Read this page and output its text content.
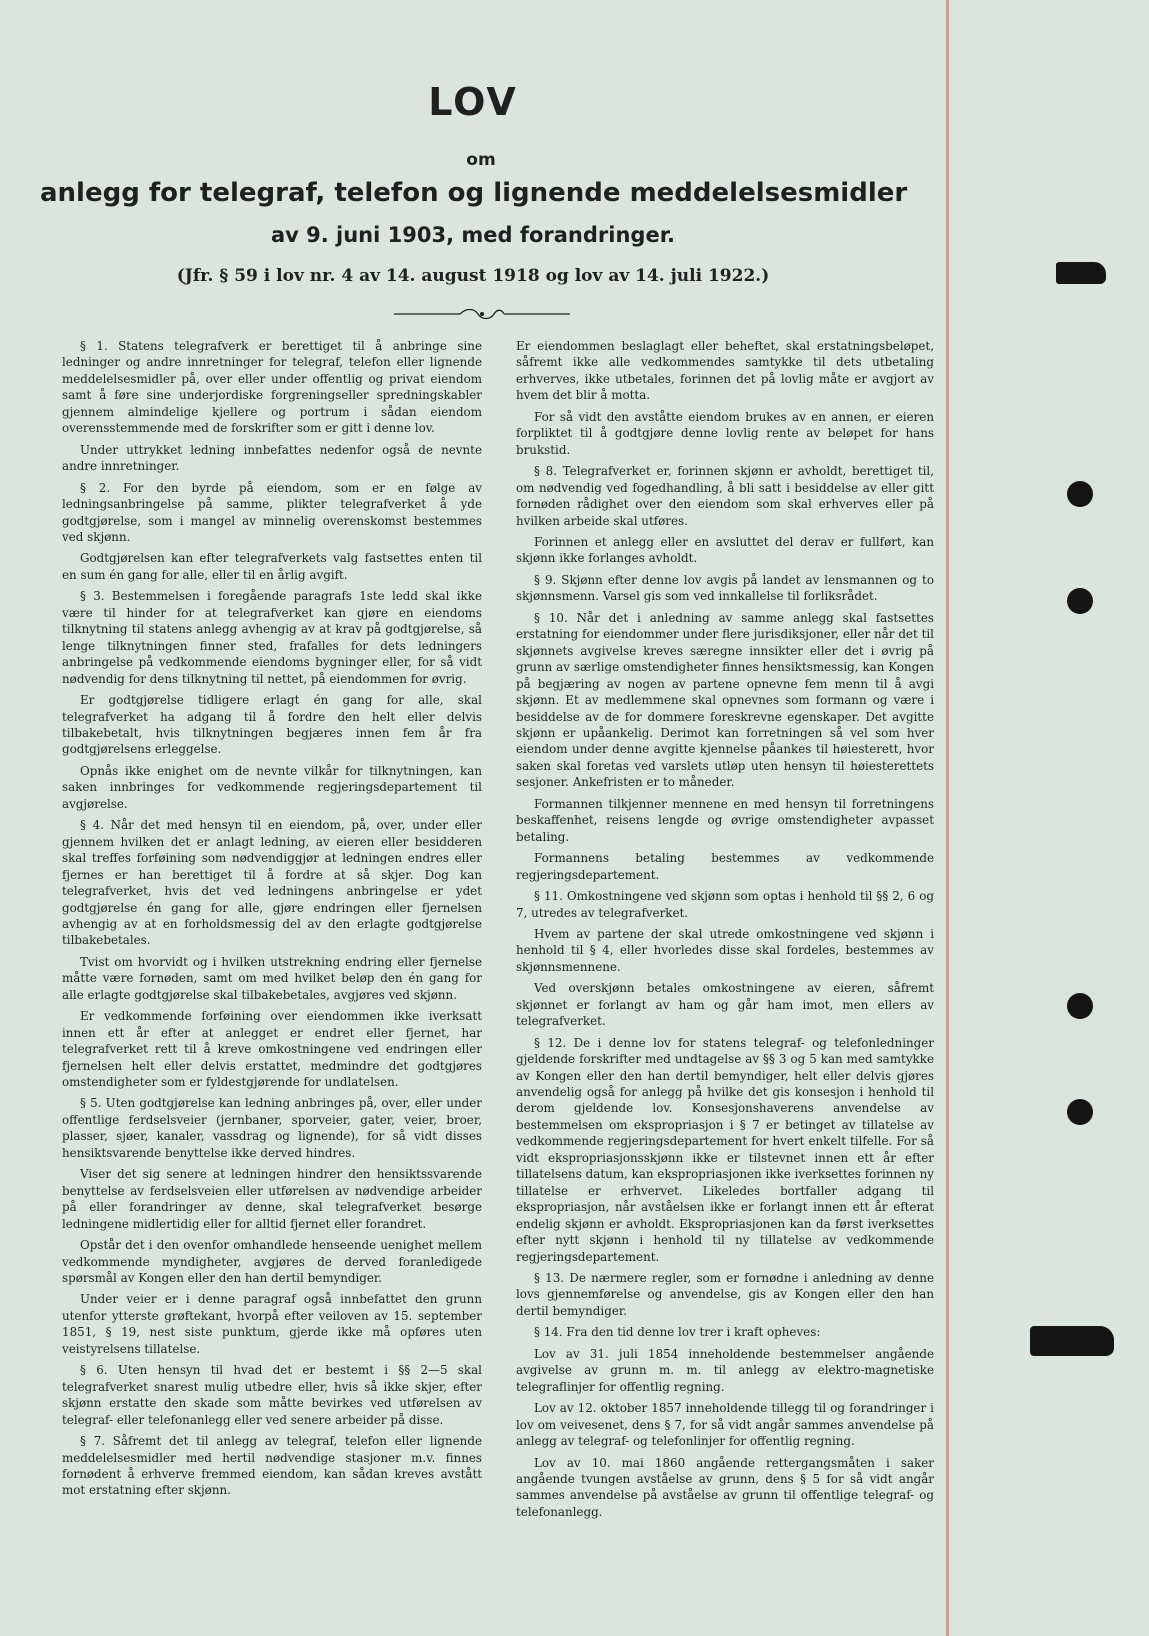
LOV

om

anlegg for telegraf, telefon og lignende meddelelsesmidler

av 9. juni 1903, med forandringer.

(Jfr. § 59 i lov nr. 4 av 14. august 1918 og lov av 14. juli 1922.)

§ 1. Statens telegrafverk er berettiget til å anbringe sine ledninger og andre innretninger for telegraf, telefon eller lignende meddelelsesmidler på, over eller under offentlig og privat eiendom samt å føre sine underjordiske forgreningseller spredningskabler gjennem almindelige kjellere og portrum i sådan eiendom overensstemmende med de forskrifter som er gitt i denne lov.

Under uttrykket ledning innbefattes nedenfor også de nevnte andre innretninger.

§ 2. For den byrde på eiendom, som er en følge av ledningsanbringelse på samme, plikter telegrafverket å yde godtgjørelse, som i mangel av minnelig overenskomst bestemmes ved skjønn.

Godtgjørelsen kan efter telegrafverkets valg fastsettes enten til en sum én gang for alle, eller til en årlig avgift.

§ 3. Bestemmelsen i foregående paragrafs 1ste ledd skal ikke være til hinder for at telegrafverket kan gjøre en eiendoms tilknytning til statens anlegg avhengig av at krav på godtgjørelse, så lenge tilknytningen finner sted, frafalles for dets ledningers anbringelse på vedkommende eiendoms bygninger eller, for så vidt nødvendig for dens tilknytning til nettet, på eiendommen for øvrig.

Er godtgjørelse tidligere erlagt én gang for alle, skal telegrafverket ha adgang til å fordre den helt eller delvis tilbakebetalt, hvis tilknytningen begjæres innen fem år fra godtgjørelsens erleggelse.

Opnås ikke enighet om de nevnte vilkår for tilknytningen, kan saken innbringes for vedkommende regjeringsdepartement til avgjørelse.

§ 4. Når det med hensyn til en eiendom, på, over, under eller gjennem hvilken det er anlagt ledning, av eieren eller besidderen skal treffes forføining som nødvendiggjør at ledningen endres eller fjernes er han berettiget til å fordre at så skjer. Dog kan telegrafverket, hvis det ved ledningens anbringelse er ydet godtgjørelse én gang for alle, gjøre endringen eller fjernelsen avhengig av at en forholdsmessig del av den erlagte godtgjørelse tilbakebetales.

Tvist om hvorvidt og i hvilken utstrekning endring eller fjernelse måtte være fornøden, samt om med hvilket beløp den én gang for alle erlagte godtgjørelse skal tilbakebetales, avgjøres ved skjønn.

Er vedkommende forføining over eiendommen ikke iverksatt innen ett år efter at anlegget er endret eller fjernet, har telegrafverket rett til å kreve omkostningene ved endringen eller fjernelsen helt eller delvis erstattet, medmindre det godtgjøres omstendigheter som er fyldestgjørende for undlatelsen.

§ 5. Uten godtgjørelse kan ledning anbringes på, over, eller under offentlige ferdselsveier (jernbaner, sporveier, gater, veier, broer, plasser, sjøer, kanaler, vassdrag og lignende), for så vidt disses hensiktsvarende benyttelse ikke derved hindres.

Viser det sig senere at ledningen hindrer den hensiktssvarende benyttelse av ferdselsveien eller utførelsen av nødvendige arbeider på eller forandringer av denne, skal telegrafverket besørge ledningene midlertidig eller for alltid fjernet eller forandret.

Opstår det i den ovenfor omhandlede henseende uenighet mellem vedkommende myndigheter, avgjøres de derved foranledigede spørsmål av Kongen eller den han dertil bemyndiger.

Under veier er i denne paragraf også innbefattet den grunn utenfor ytterste grøftekant, hvorpå efter veiloven av 15. september 1851, § 19, nest siste punktum, gjerde ikke må opføres uten veistyrelsens tillatelse.

§ 6. Uten hensyn til hvad det er bestemt i §§ 2—5 skal telegrafverket snarest mulig utbedre eller, hvis så ikke skjer, efter skjønn erstatte den skade som måtte bevirkes ved utførelsen av telegraf- eller telefonanlegg eller ved senere arbeider på disse.

§ 7. Såfremt det til anlegg av telegraf, telefon eller lignende meddelelsesmidler med hertil nødvendige stasjoner m.v. finnes fornødent å erhverve fremmed eiendom, kan sådan kreves avstått mot erstatning efter skjønn.

Er eiendommen beslaglagt eller beheftet, skal erstatningsbeløpet, såfremt ikke alle vedkommendes samtykke til dets utbetaling erhverves, ikke utbetales, forinnen det på lovlig måte er avgjort av hvem det blir å motta.

For så vidt den avståtte eiendom brukes av en annen, er eieren forpliktet til å godtgjøre denne lovlig rente av beløpet for hans brukstid.

§ 8. Telegrafverket er, forinnen skjønn er avholdt, berettiget til, om nødvendig ved fogedhandling, å bli satt i besiddelse av eller gitt fornøden rådighet over den eiendom som skal erhverves eller på hvilken arbeide skal utføres.

Forinnen et anlegg eller en avsluttet del derav er fullført, kan skjønn ikke forlanges avholdt.

§ 9. Skjønn efter denne lov avgis på landet av lensmannen og to skjønnsmenn. Varsel gis som ved innkallelse til forliksrådet.

§ 10. Når det i anledning av samme anlegg skal fastsettes erstatning for eiendommer under flere jurisdiksjoner, eller når det til skjønnets avgivelse kreves særegne innsikter eller det i øvrig på grunn av særlige omstendigheter finnes hensiktsmessig, kan Kongen på begjæring av nogen av partene opnevne fem menn til å avgi skjønn. Et av medlemmene skal opnevnes som formann og være i besiddelse av de for dommere foreskrevne egenskaper. Det avgitte skjønn er upåankelig. Derimot kan forretningen så vel som hver eiendom under denne avgitte kjennelse påankes til høiesterett, hvor saken skal foretas ved varslets utløp uten hensyn til høiesterettets sesjoner. Ankefristen er to måneder.

Formannen tilkjenner mennene en med hensyn til forretningens beskaffenhet, reisens lengde og øvrige omstendigheter avpasset betaling.

Formannens betaling bestemmes av vedkommende regjeringsdepartement.

§ 11. Omkostningene ved skjønn som optas i henhold til §§ 2, 6 og 7, utredes av telegrafverket.

Hvem av partene der skal utrede omkostningene ved skjønn i henhold til § 4, eller hvorledes disse skal fordeles, bestemmes av skjønnsmennene.

Ved overskjønn betales omkostningene av eieren, såfremt skjønnet er forlangt av ham og går ham imot, men ellers av telegrafverket.

§ 12. De i denne lov for statens telegraf- og telefonledninger gjeldende forskrifter med undtagelse av §§ 3 og 5 kan med samtykke av Kongen eller den han dertil bemyndiger, helt eller delvis gjøres anvendelig også for anlegg på hvilke det gis konsesjon i henhold til derom gjeldende lov. Konsesjonshaverens anvendelse av bestemmelsen om ekspropriasjon i § 7 er betinget av tillatelse av vedkommende regjeringsdepartement for hvert enkelt tilfelle. For så vidt ekspropriasjonsskjønn ikke er tilstevnet innen ett år efter tillatelsens datum, kan ekspropriasjonen ikke iverksettes forinnen ny tillatelse er erhvervet. Likeledes bortfaller adgang til ekspropriasjon, når avståelsen ikke er forlangt innen ett år efterat endelig skjønn er avholdt. Ekspropriasjonen kan da først iverksettes efter nytt skjønn i henhold til ny tillatelse av vedkommende regjeringsdepartement.

§ 13. De nærmere regler, som er fornødne i anledning av denne lovs gjennemførelse og anvendelse, gis av Kongen eller den han dertil bemyndiger.

§ 14. Fra den tid denne lov trer i kraft opheves:

Lov av 31. juli 1854 inneholdende bestemmelser angående avgivelse av grunn m. m. til anlegg av elektro-magnetiske telegraflinjer for offentlig regning.

Lov av 12. oktober 1857 inneholdende tillegg til og forandringer i lov om veivesenet, dens § 7, for så vidt angår sammes anvendelse på anlegg av telegraf- og telefonlinjer for offentlig regning.

Lov av 10. mai 1860 angående rettergangsmåten i saker angående tvungen avståelse av grunn, dens § 5 for så vidt angår sammes anvendelse på avståelse av grunn til offentlige telegraf- og telefonanlegg.
